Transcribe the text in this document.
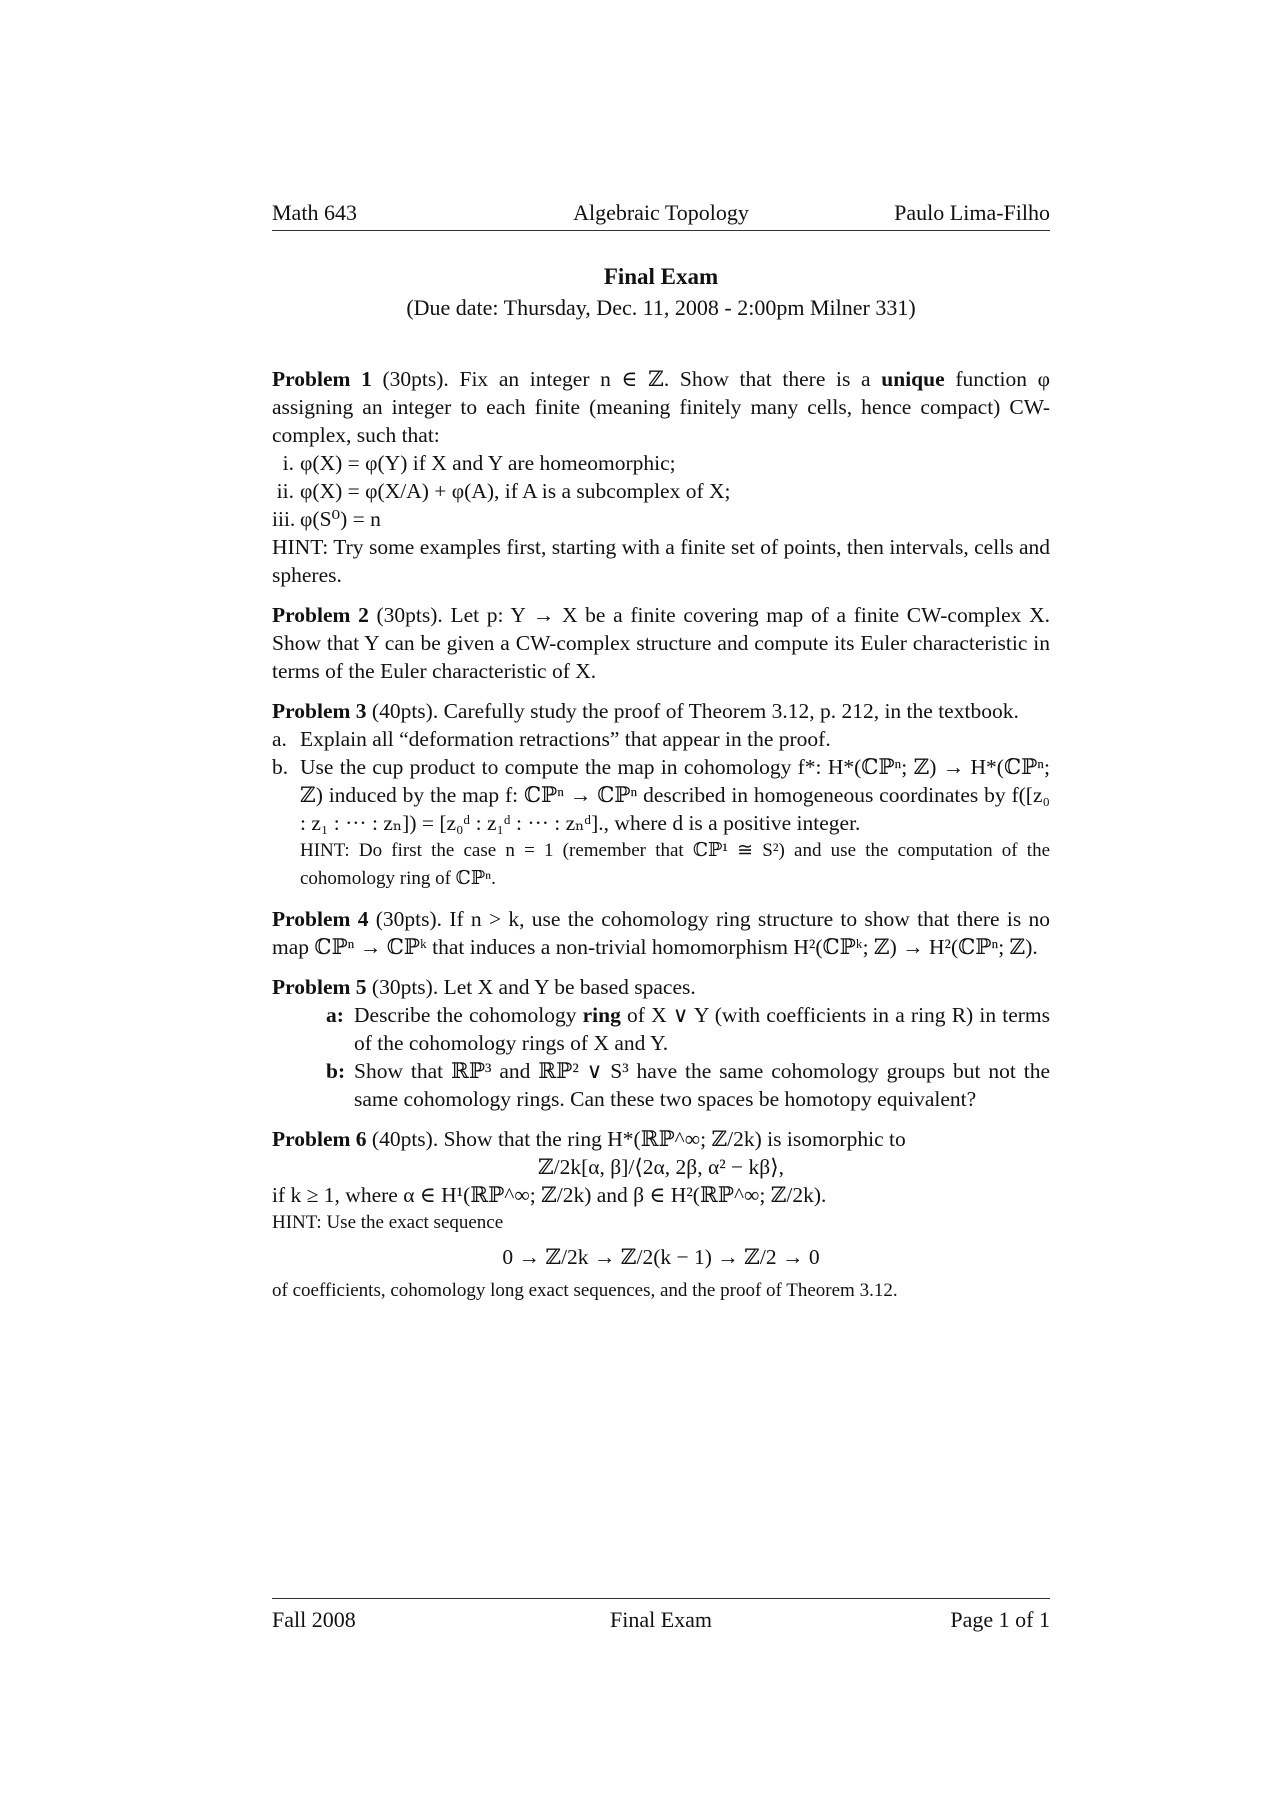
Math 643	Algebraic Topology	Paulo Lima-Filho
Final Exam
(Due date: Thursday, Dec. 11, 2008 - 2:00pm Milner 331)
Problem 1 (30pts). Fix an integer n ∈ ℤ. Show that there is a unique function φ assigning an integer to each finite (meaning finitely many cells, hence compact) CW-complex, such that:
i. φ(X) = φ(Y) if X and Y are homeomorphic;
ii. φ(X) = φ(X/A) + φ(A), if A is a subcomplex of X;
iii. φ(S⁰) = n
HINT: Try some examples first, starting with a finite set of points, then intervals, cells and spheres.
Problem 2 (30pts). Let p: Y → X be a finite covering map of a finite CW-complex X. Show that Y can be given a CW-complex structure and compute its Euler characteristic in terms of the Euler characteristic of X.
Problem 3 (40pts). Carefully study the proof of Theorem 3.12, p. 212, in the textbook.
a. Explain all “deformation retractions” that appear in the proof.
b. Use the cup product to compute the map in cohomology f*: H*(ℂℙⁿ; ℤ) → H*(ℂℙⁿ; ℤ) induced by the map f: ℂℙⁿ → ℂℙⁿ described in homogeneous coordinates by f([z₀ : z₁ : ··· : zₙ]) = [z₀ᵈ : z₁ᵈ : ··· : zₙᵈ]., where d is a positive integer.
HINT: Do first the case n = 1 (remember that ℂℙ¹ ≅ S²) and use the computation of the cohomology ring of ℂℙⁿ.
Problem 4 (30pts). If n > k, use the cohomology ring structure to show that there is no map ℂℙⁿ → ℂℙᵏ that induces a non-trivial homomorphism H²(ℂℙᵏ; ℤ) → H²(ℂℙⁿ; ℤ).
Problem 5 (30pts). Let X and Y be based spaces.
a: Describe the cohomology ring of X ∨ Y (with coefficients in a ring R) in terms of the cohomology rings of X and Y.
b: Show that ℝℙ³ and ℝℙ² ∨ S³ have the same cohomology groups but not the same cohomology rings. Can these two spaces be homotopy equivalent?
Problem 6 (40pts). Show that the ring H*(ℝℙ^∞; ℤ/2k) is isomorphic to
ℤ/2k[α, β]/⟨2α, 2β, α² − kβ⟩,
if k ≥ 1, where α ∈ H¹(ℝℙ^∞; ℤ/2k) and β ∈ H²(ℝℙ^∞; ℤ/2k).
HINT: Use the exact sequence
0 → ℤ/2k → ℤ/2(k − 1) → ℤ/2 → 0
of coefficients, cohomology long exact sequences, and the proof of Theorem 3.12.
Fall 2008	Final Exam	Page 1 of 1
